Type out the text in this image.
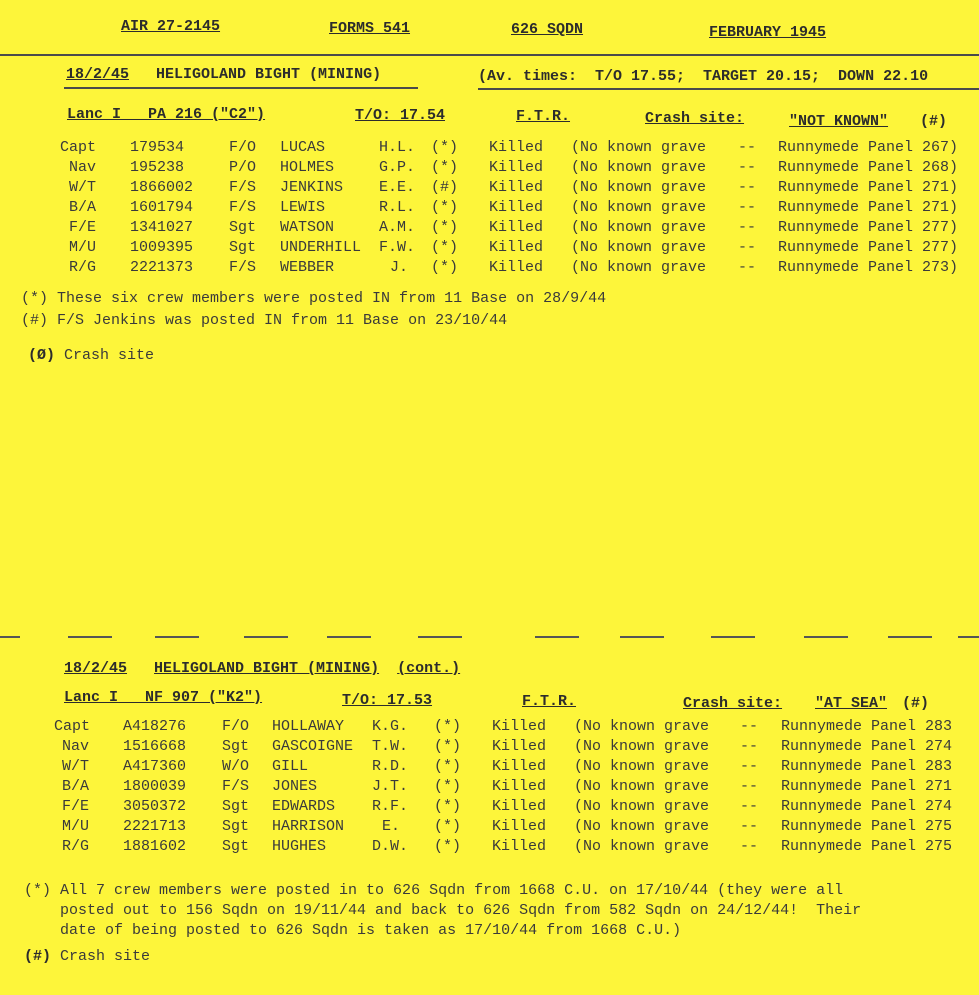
AIR 27-2145	FORMS 541	626 SQDN	FEBRUARY 1945
18/2/45 HELIGOLAND BIGHT (MINING)	(Av. times:  T/O 17.55;  TARGET 20.15;  DOWN 22.10
Lanc I   PA 216 ("C2")	T/O: 17.54	F.T.R.	Crash site:	"NOT KNOWN" (#)
Capt 179534	F/O LUCAS	H.L. (*) Killed (No known grave -- Runnymede Panel 267)
Nav 195238	P/O HOLMES	G.P. (*) Killed (No known grave -- Runnymede Panel 268)
W/T 1866002 F/S JENKINS E.E. (#) Killed (No known grave -- Runnymede Panel 271)
B/A 1601794 F/S LEWIS	R.L. (*) Killed (No known grave -- Runnymede Panel 271)
F/E 1341027 Sgt WATSON	A.M. (*) Killed (No known grave -- Runnymede Panel 277)
M/U 1009395 Sgt UNDERHILL F.W. (*) Killed (No known grave -- Runnymede Panel 277)
R/G 2221373 F/S WEBBER	J. (*) Killed (No known grave -- Runnymede Panel 273)
(*) These six crew members were posted IN from 11 Base on 28/9/44
(#) F/S Jenkins was posted IN from 11 Base on 23/10/44
(Ø) Crash site
18/2/45 HELIGOLAND BIGHT (MINING) (cont.)
Lanc I   NF 907 ("K2")	T/O: 17.53	F.T.R.	Crash site: "AT SEA" (#)
Capt A418276 F/O HOLLAWAY K.G. (*) Killed (No known grave -- Runnymede Panel 283
Nav 1516668 Sgt GASCOIGNE T.W. (*) Killed (No known grave -- Runnymede Panel 274
W/T A417360 W/O GILL	R.D. (*) Killed (No known grave -- Runnymede Panel 283
B/A 1800039 F/S JONES	J.T. (*) Killed (No known grave -- Runnymede Panel 271
F/E 3050372 Sgt EDWARDS R.F. (*) Killed (No known grave -- Runnymede Panel 274
M/U 2221713 Sgt HARRISON	E. (*) Killed (No known grave -- Runnymede Panel 275
R/G 1881602 Sgt HUGHES	D.W. (*) Killed (No known grave -- Runnymede Panel 275
(*) All 7 crew members were posted in to 626 Sqdn from 1668 C.U. on 17/10/44 (they were all
posted out to 156 Sqdn on 19/11/44 and back to 626 Sqdn from 582 Sqdn on 24/12/44!  Their
date of being posted to 626 Sqdn is taken as 17/10/44 from 1668 C.U.)
(#) Crash site
